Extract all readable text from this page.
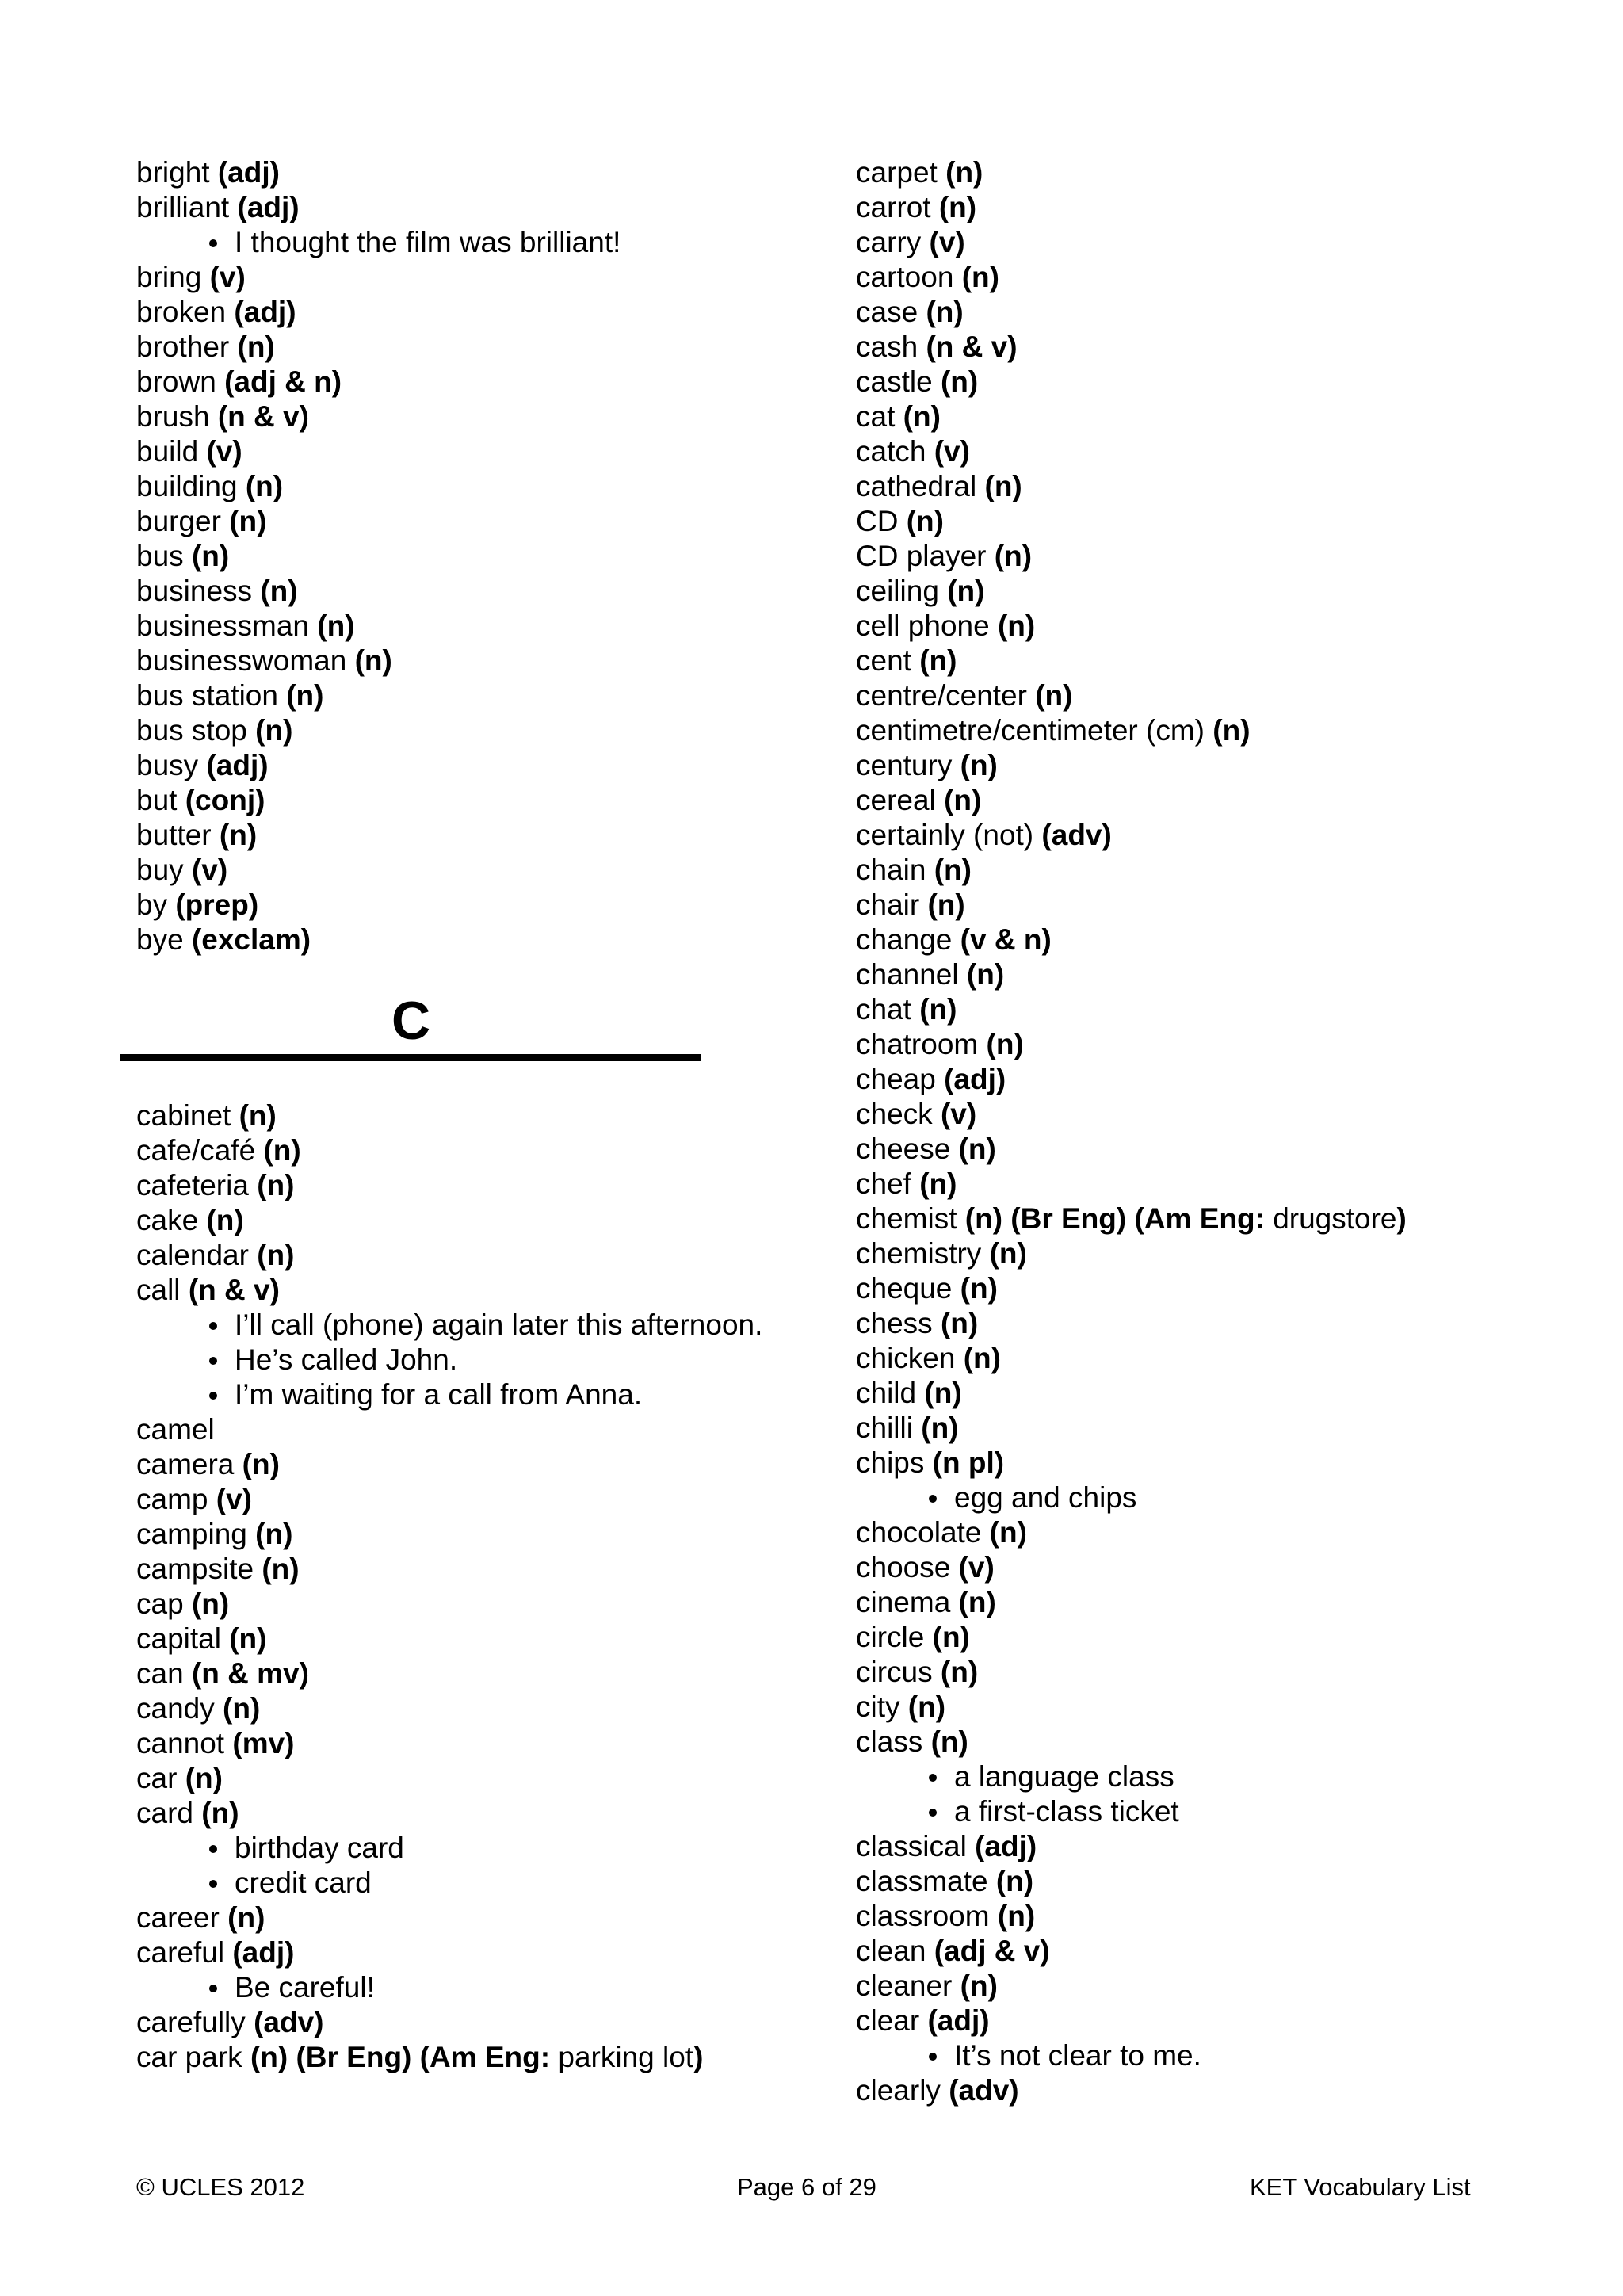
bright (adj)
brilliant (adj)
I thought the film was brilliant!
bring (v)
broken (adj)
brother (n)
brown (adj & n)
brush (n & v)
build (v)
building (n)
burger (n)
bus (n)
business (n)
businessman (n)
businesswoman (n)
bus station (n)
bus stop (n)
busy (adj)
but (conj)
butter (n)
buy (v)
by (prep)
bye (exclam)
C
cabinet (n)
cafe/café (n)
cafeteria (n)
cake (n)
calendar (n)
call (n & v)
I’ll call (phone) again later this afternoon.
He’s called John.
I’m waiting for a call from Anna.
camel
camera (n)
camp (v)
camping (n)
campsite (n)
cap (n)
capital (n)
can (n & mv)
candy (n)
cannot (mv)
car (n)
card (n)
birthday card
credit card
career (n)
careful (adj)
Be careful!
carefully (adv)
car park (n) (Br Eng) (Am Eng: parking lot)
carpet (n)
carrot (n)
carry (v)
cartoon (n)
case (n)
cash (n & v)
castle (n)
cat (n)
catch (v)
cathedral (n)
CD (n)
CD player (n)
ceiling (n)
cell phone (n)
cent (n)
centre/center (n)
centimetre/centimeter (cm) (n)
century (n)
cereal (n)
certainly (not) (adv)
chain (n)
chair (n)
change (v & n)
channel (n)
chat (n)
chatroom (n)
cheap (adj)
check (v)
cheese (n)
chef (n)
chemist (n) (Br Eng) (Am Eng: drugstore)
chemistry (n)
cheque (n)
chess (n)
chicken (n)
child (n)
chilli (n)
chips (n pl)
egg and chips
chocolate (n)
choose (v)
cinema (n)
circle (n)
circus (n)
city (n)
class (n)
a language class
a first-class ticket
classical (adj)
classmate (n)
classroom (n)
clean (adj & v)
cleaner (n)
clear (adj)
It’s not clear to me.
clearly (adv)
© UCLES 2012	Page 6 of 29	KET Vocabulary List
